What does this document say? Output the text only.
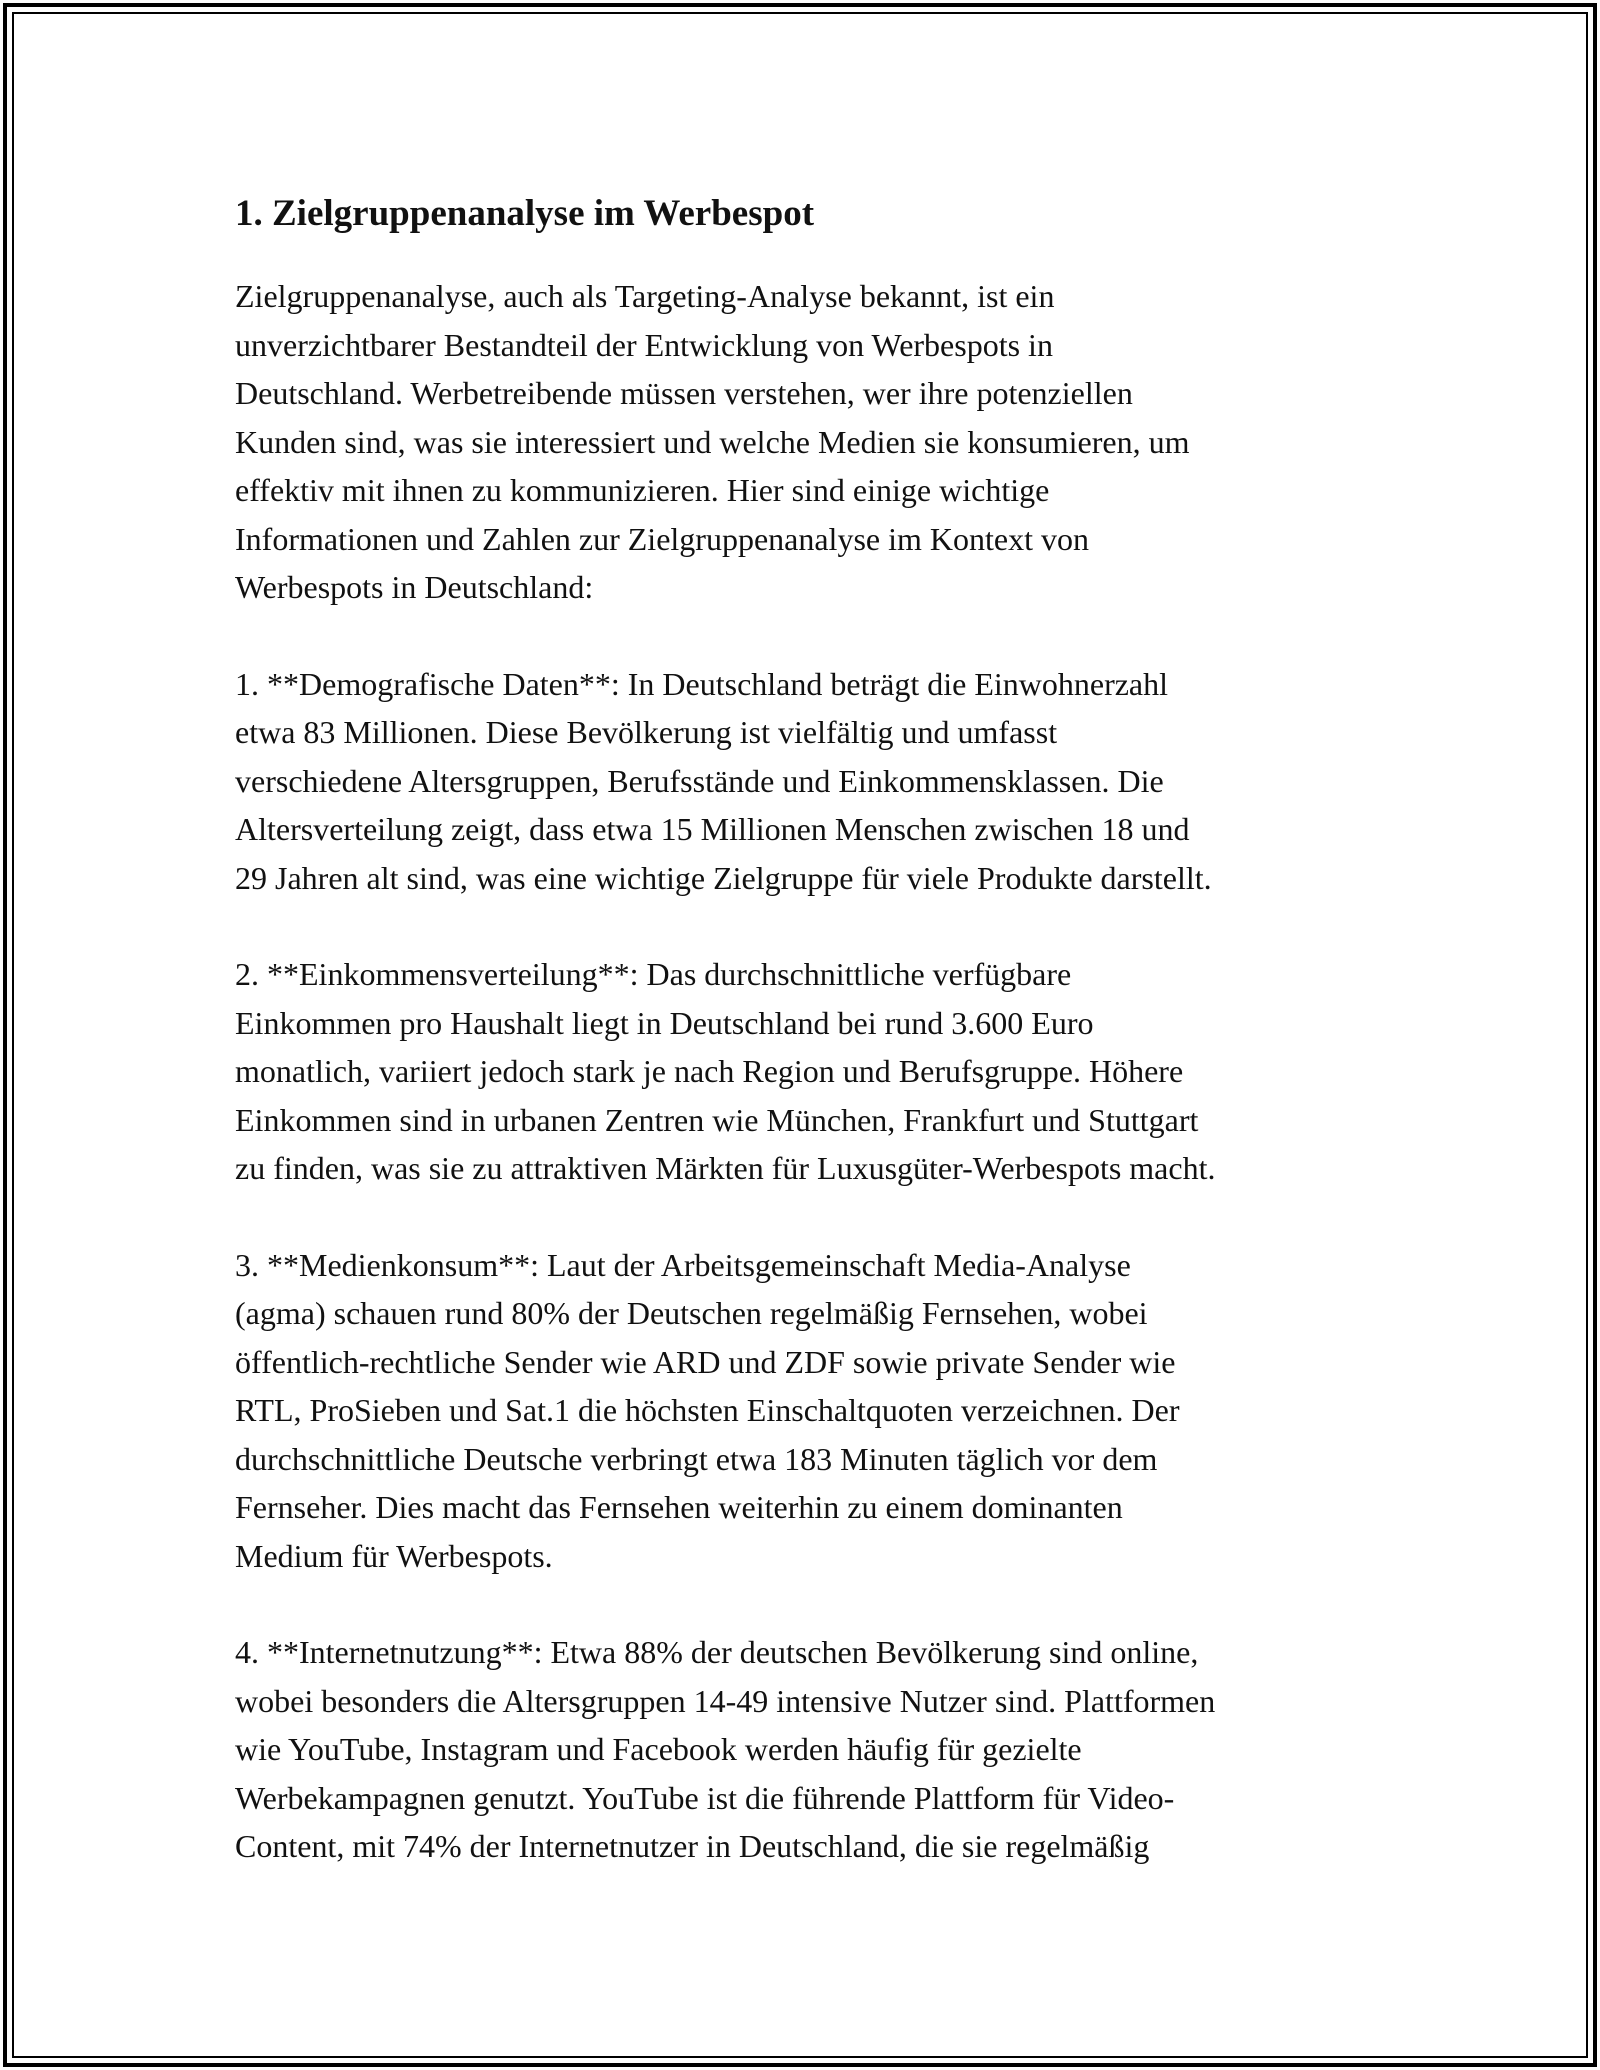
1. Zielgruppenanalyse im Werbespot

Zielgruppenanalyse, auch als Targeting-Analyse bekannt, ist ein
unverzichtbarer Bestandteil der Entwicklung von Werbespots in
Deutschland. Werbetreibende müssen verstehen, wer ihre potenziellen
Kunden sind, was sie interessiert und welche Medien sie konsumieren, um
effektiv mit ihnen zu kommunizieren. Hier sind einige wichtige
Informationen und Zahlen zur Zielgruppenanalyse im Kontext von
Werbespots in Deutschland:

1. **Demografische Daten**: In Deutschland beträgt die Einwohnerzahl
etwa 83 Millionen. Diese Bevölkerung ist vielfältig und umfasst
verschiedene Altersgruppen, Berufsstände und Einkommensklassen. Die
Altersverteilung zeigt, dass etwa 15 Millionen Menschen zwischen 18 und
29 Jahren alt sind, was eine wichtige Zielgruppe für viele Produkte darstellt.

2. **Einkommensverteilung**: Das durchschnittliche verfügbare
Einkommen pro Haushalt liegt in Deutschland bei rund 3.600 Euro
monatlich, variiert jedoch stark je nach Region und Berufsgruppe. Höhere
Einkommen sind in urbanen Zentren wie München, Frankfurt und Stuttgart
zu finden, was sie zu attraktiven Märkten für Luxusgüter-Werbespots macht.

3. **Medienkonsum**: Laut der Arbeitsgemeinschaft Media-Analyse
(agma) schauen rund 80% der Deutschen regelmäßig Fernsehen, wobei
öffentlich-rechtliche Sender wie ARD und ZDF sowie private Sender wie
RTL, ProSieben und Sat.1 die höchsten Einschaltquoten verzeichnen. Der
durchschnittliche Deutsche verbringt etwa 183 Minuten täglich vor dem
Fernseher. Dies macht das Fernsehen weiterhin zu einem dominanten
Medium für Werbespots.

4. **Internetnutzung**: Etwa 88% der deutschen Bevölkerung sind online,
wobei besonders die Altersgruppen 14-49 intensive Nutzer sind. Plattformen
wie YouTube, Instagram und Facebook werden häufig für gezielte
Werbekampagnen genutzt. YouTube ist die führende Plattform für Video-
Content, mit 74% der Internetnutzer in Deutschland, die sie regelmäßig
